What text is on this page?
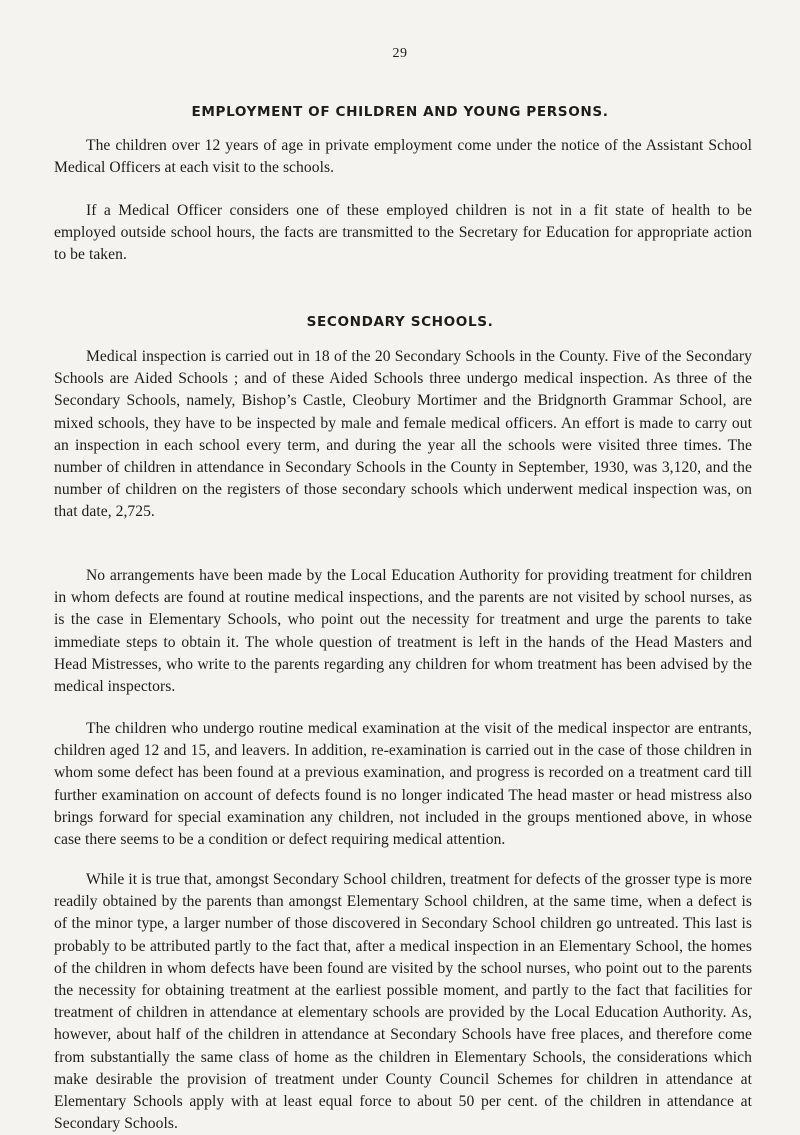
29
EMPLOYMENT OF CHILDREN AND YOUNG PERSONS.

The children over 12 years of age in private employment come under the notice of the Assistant School Medical Officers at each visit to the schools.

If a Medical Officer considers one of these employed children is not in a fit state of health to be employed outside school hours, the facts are transmitted to the Secretary for Education for appropriate action to be taken.

SECONDARY SCHOOLS.

Medical inspection is carried out in 18 of the 20 Secondary Schools in the County. Five of the Secondary Schools are Aided Schools ; and of these Aided Schools three undergo medical inspection. As three of the Secondary Schools, namely, Bishop’s Castle, Cleobury Mortimer and the Bridgnorth Grammar School, are mixed schools, they have to be inspected by male and female medical officers. An effort is made to carry out an inspection in each school every term, and during the year all the schools were visited three times. The number of children in attendance in Secondary Schools in the County in September, 1930, was 3,120, and the number of children on the registers of those secondary schools which underwent medical inspection was, on that date, 2,725.

No arrangements have been made by the Local Education Authority for providing treatment for children in whom defects are found at routine medical inspections, and the parents are not visited by school nurses, as is the case in Elementary Schools, who point out the necessity for treatment and urge the parents to take immediate steps to obtain it. The whole question of treatment is left in the hands of the Head Masters and Head Mistresses, who write to the parents regarding any children for whom treatment has been advised by the medical inspectors.

The children who undergo routine medical examination at the visit of the medical inspector are entrants, children aged 12 and 15, and leavers. In addition, re-examination is carried out in the case of those children in whom some defect has been found at a previous examination, and progress is recorded on a treatment card till further examination on account of defects found is no longer indicated The head master or head mistress also brings forward for special examination any children, not included in the groups mentioned above, in whose case there seems to be a condition or defect requiring medical attention.

While it is true that, amongst Secondary School children, treatment for defects of the grosser type is more readily obtained by the parents than amongst Elementary School children, at the same time, when a defect is of the minor type, a larger number of those discovered in Secondary School children go untreated. This last is probably to be attributed partly to the fact that, after a medical inspection in an Elementary School, the homes of the children in whom defects have been found are visited by the school nurses, who point out to the parents the necessity for obtaining treatment at the earliest possible moment, and partly to the fact that facilities for treatment of children in attendance at elementary schools are provided by the Local Education Authority. As, however, about half of the children in attendance at Secondary Schools have free places, and therefore come from substantially the same class of home as the children in Elementary Schools, the considerations which make desirable the provision of treatment under County Council Schemes for children in attendance at Elementary Schools apply with at least equal force to about 50 per cent. of the children in attendance at Secondary Schools.
